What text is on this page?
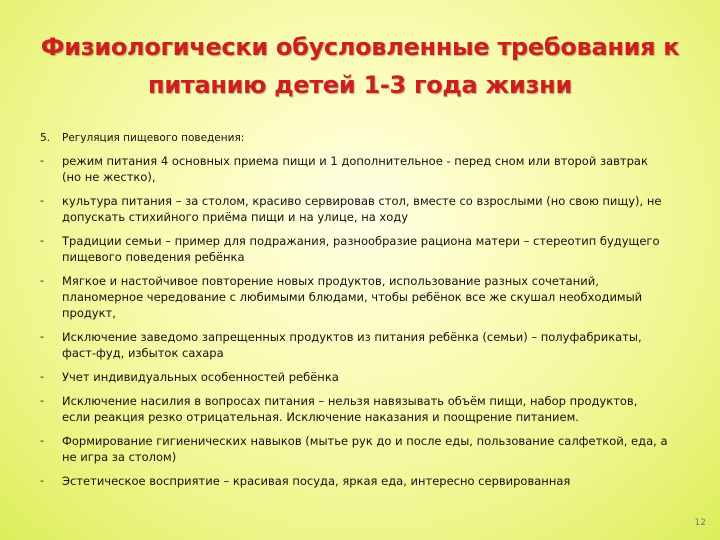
Физиологически обусловленные требования к питанию детей 1-3 года жизни
5.	Регуляция пищевого поведения:
-	режим питания 4 основных приема пищи и 1 дополнительное - перед сном или второй завтрак (но не жестко),
-	культура питания – за столом, красиво сервировав стол, вместе со взрослыми (но свою пищу), не допускать стихийного приёма пищи и на улице, на ходу
-	Традиции семьи – пример для подражания, разнообразие рациона матери – стереотип будущего пищевого поведения ребёнка
-	Мягкое и настойчивое повторение новых продуктов, использование разных сочетаний, планомерное чередование с любимыми блюдами, чтобы ребёнок все же скушал необходимый продукт,
-	Исключение заведомо запрещенных продуктов из питания ребёнка (семьи) – полуфабрикаты, фаст-фуд, избыток сахара
-	Учет индивидуальных особенностей ребёнка
-	Исключение насилия в вопросах питания – нельзя навязывать объём пищи, набор продуктов, если реакция резко отрицательная. Исключение наказания и поощрение питанием.
-	Формирование гигиенических навыков (мытье рук до и после еды, пользование салфеткой, еда, а не игра за столом)
-	Эстетическое восприятие – красивая посуда, яркая еда, интересно сервированная
12
